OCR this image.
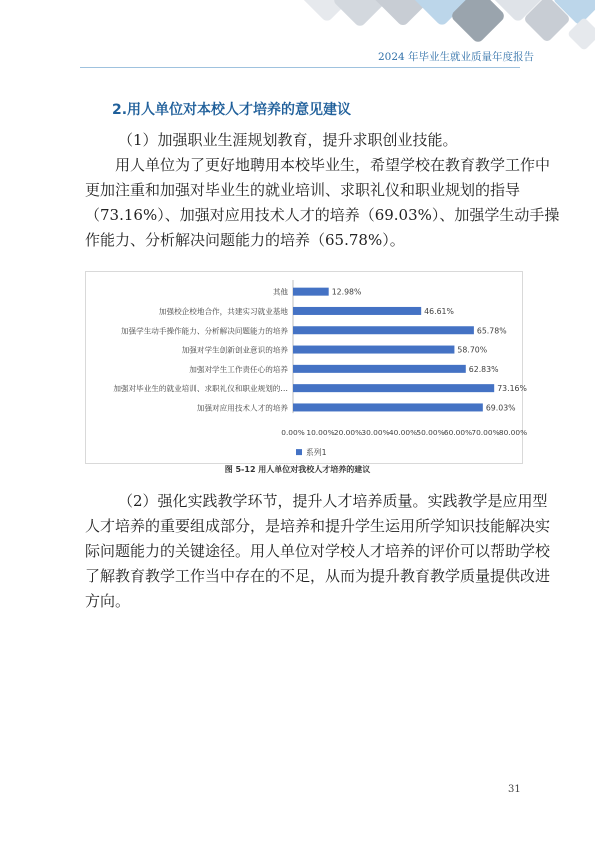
2024 年毕业生就业质量年度报告
2.用人单位对本校人才培养的意见建议
（1）加强职业生涯规划教育，提升求职创业技能。
用人单位为了更好地聘用本校毕业生，希望学校在教育教学工作中
更加注重和加强对毕业生的就业培训、求职礼仪和职业规划的指导
（73.16%）、加强对应用技术人才的培养（69.03%）、加强学生动手操
作能力、分析解决问题能力的培养（65.78%）。
其他	12.98%
加强校企校地合作，共建实习就业基地	46.61%
加强学生动手操作能力、分析解决问题能力的培养	65.78%
加强对学生创新创业意识的培养	58.70%
加强对学生工作责任心的培养	62.83%
加强对毕业生的就业培训、求职礼仪和职业规划的…	73.16%
加强对应用技术人才的培养	69.03%
0.00% 10.00% 20.00% 30.00% 40.00% 50.00% 60.00% 70.00% 80.00%
系列1
图 5-12 用人单位对我校人才培养的建议
（2）强化实践教学环节，提升人才培养质量。实践教学是应用型
人才培养的重要组成部分，是培养和提升学生运用所学知识技能解决实
际问题能力的关键途径。用人单位对学校人才培养的评价可以帮助学校
了解教育教学工作当中存在的不足，从而为提升教育教学质量提供改进
方向。
31
